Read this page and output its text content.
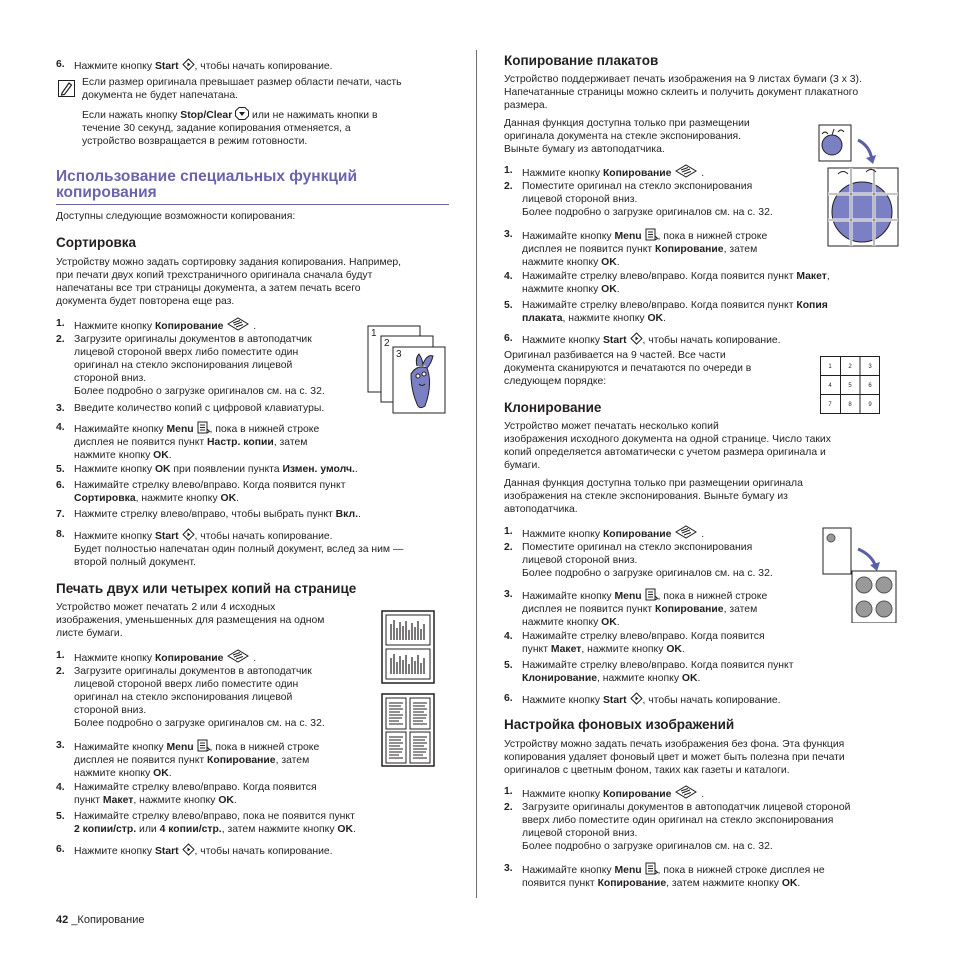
6. Нажмите кнопку Start , чтобы начать копирование.
Если размер оригинала превышает размер области печати, часть документа не будет напечатана.
Если нажать кнопку Stop/Clear  или не нажимать кнопки в
течение 30 секунд, задание копирования отменяется, а
устройство возвращается в режим готовности.
Использование специальных функций
копирования
Доступны следующие возможности копирования:
Сортировка
Устройству можно задать сортировку задания копирования. Например,
при печати двух копий трехстраничного оригинала сначала будут
напечатаны все три страницы документа, а затем печать всего
документа будет повторена еще раз.
1. Нажмите кнопку Копирование	.
2. Загрузите оригиналы документов в автоподатчик
лицевой стороной вверх либо поместите один
оригинал на стекло экспонирования лицевой
стороной вниз.
Более подробно о загрузке оригиналов см. на с. 32.
3. Введите количество копий с цифровой клавиатуры.
4. Нажимайте кнопку Menu , пока в нижней строке
дисплея не появится пункт Настр. копии, затем
нажмите кнопку OK.
5. Нажмите кнопку OK при появлении пункта Измен. умолч..
6. Нажимайте стрелку влево/вправо. Когда появится пункт
Сортировка, нажмите кнопку OK.
7. Нажмите стрелку влево/вправо, чтобы выбрать пункт Вкл..
8. Нажмите кнопку Start , чтобы начать копирование.
Будет полностью напечатан один полный документ, вслед за ним —
второй полный документ.
1
2
3
Печать двух или четырех копий на странице
Устройство может печатать 2 или 4 исходных
изображения, уменьшенных для размещения на одном
листе бумаги.
1. Нажмите кнопку Копирование	.
2. Загрузите оригиналы документов в автоподатчик
лицевой стороной вверх либо поместите один
оригинал на стекло экспонирования лицевой
стороной вниз.
Более подробно о загрузке оригиналов см. на с. 32.
3. Нажимайте кнопку Menu , пока в нижней строке
дисплея не появится пункт Копирование, затем
нажмите кнопку OK.
4. Нажимайте стрелку влево/вправо. Когда появится
пункт Макет, нажмите кнопку OK.
5. Нажимайте стрелку влево/вправо, пока не появится пункт
2 копии/стр. или 4 копии/стр., затем нажмите кнопку OK.
6. Нажмите кнопку Start , чтобы начать копирование.
Копирование плакатов
Устройство поддерживает печать изображения на 9 листах бумаги (3 х 3).
Напечатанные страницы можно склеить и получить документ плакатного
размера.
Данная функция доступна только при размещении
оригинала документа на стекле экспонирования.
Выньте бумагу из автоподатчика.
1. Нажмите кнопку Копирование	.
2. Поместите оригинал на стекло экспонирования
лицевой стороной вниз.
Более подробно о загрузке оригиналов см. на с. 32.
3. Нажимайте кнопку Menu , пока в нижней строке
дисплея не появится пункт Копирование, затем
нажмите кнопку OK.
4. Нажимайте стрелку влево/вправо. Когда появится пункт Макет,
нажмите кнопку OK.
5. Нажимайте стрелку влево/вправо. Когда появится пункт Копия
плаката, нажмите кнопку OK.
6. Нажмите кнопку Start , чтобы начать копирование.
Оригинал разбивается на 9 частей. Все части
документа сканируются и печатаются по очереди в
следующем порядке:
1	2	3
4	5	6
7	8	9
Клонирование
Устройство может печатать несколько копий
изображения исходного документа на одной странице. Число таких
копий определяется автоматически с учетом размера оригинала и
бумаги.
Данная функция доступна только при размещении оригинала
изображения на стекле экспонирования. Выньте бумагу из
автоподатчика.
1. Нажмите кнопку Копирование	.
2. Поместите оригинал на стекло экспонирования
лицевой стороной вниз.
Более подробно о загрузке оригиналов см. на с. 32.
3. Нажимайте кнопку Menu , пока в нижней строке
дисплея не появится пункт Копирование, затем
нажмите кнопку OK.
4. Нажимайте стрелку влево/вправо. Когда появится
пункт Макет, нажмите кнопку OK.
5. Нажимайте стрелку влево/вправо. Когда появится пункт
Клонирование, нажмите кнопку OK.
6. Нажмите кнопку Start , чтобы начать копирование.
Настройка фоновых изображений
Устройству можно задать печать изображения без фона. Эта функция
копирования удаляет фоновый цвет и может быть полезна при печати
оригиналов с цветным фоном, таких как газеты и каталоги.
1. Нажмите кнопку Копирование	.
2. Загрузите оригиналы документов в автоподатчик лицевой стороной
вверх либо поместите один оригинал на стекло экспонирования
лицевой стороной вниз.
Более подробно о загрузке оригиналов см. на с. 32.
3. Нажимайте кнопку Menu , пока в нижней строке дисплея не
появится пункт Копирование, затем нажмите кнопку OK.
42 _Копирование
